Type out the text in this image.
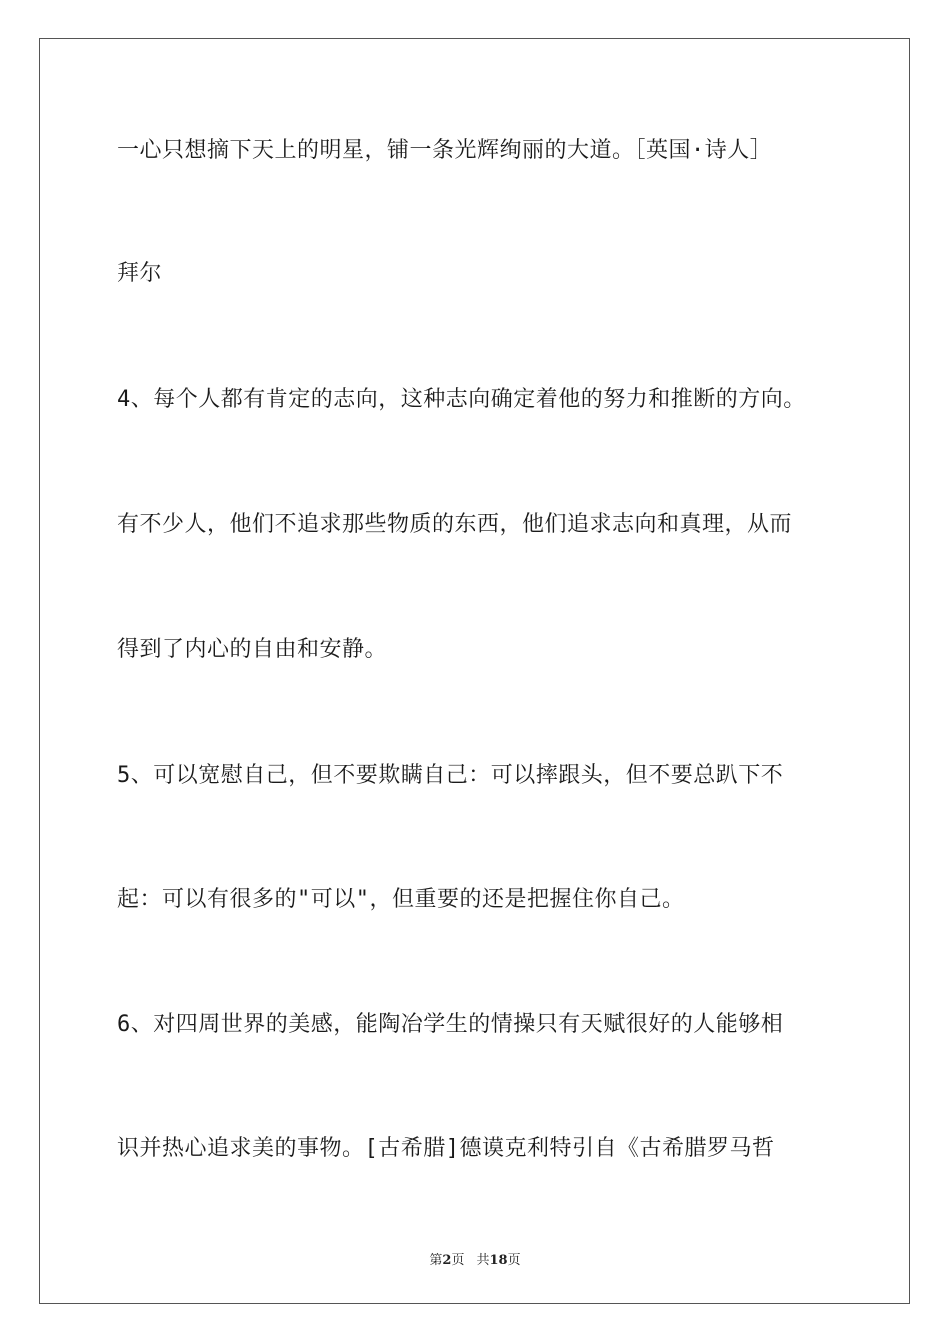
一心只想摘下天上的明星，铺一条光辉绚丽的大道。［英国·诗人］
拜尔
4、每个人都有肯定的志向，这种志向确定着他的努力和推断的方向。
有不少人，他们不追求那些物质的东西，他们追求志向和真理，从而
得到了内心的自由和安静。
5、可以宽慰自己，但不要欺瞒自己：可以摔跟头，但不要总趴下不
起：可以有很多的"可以"，但重要的还是把握住你自己。
6、对四周世界的美感，能陶冶学生的情操只有天赋很好的人能够相
识并热心追求美的事物。[古希腊]德谟克利特引自《古希腊罗马哲
第2页 共18页
